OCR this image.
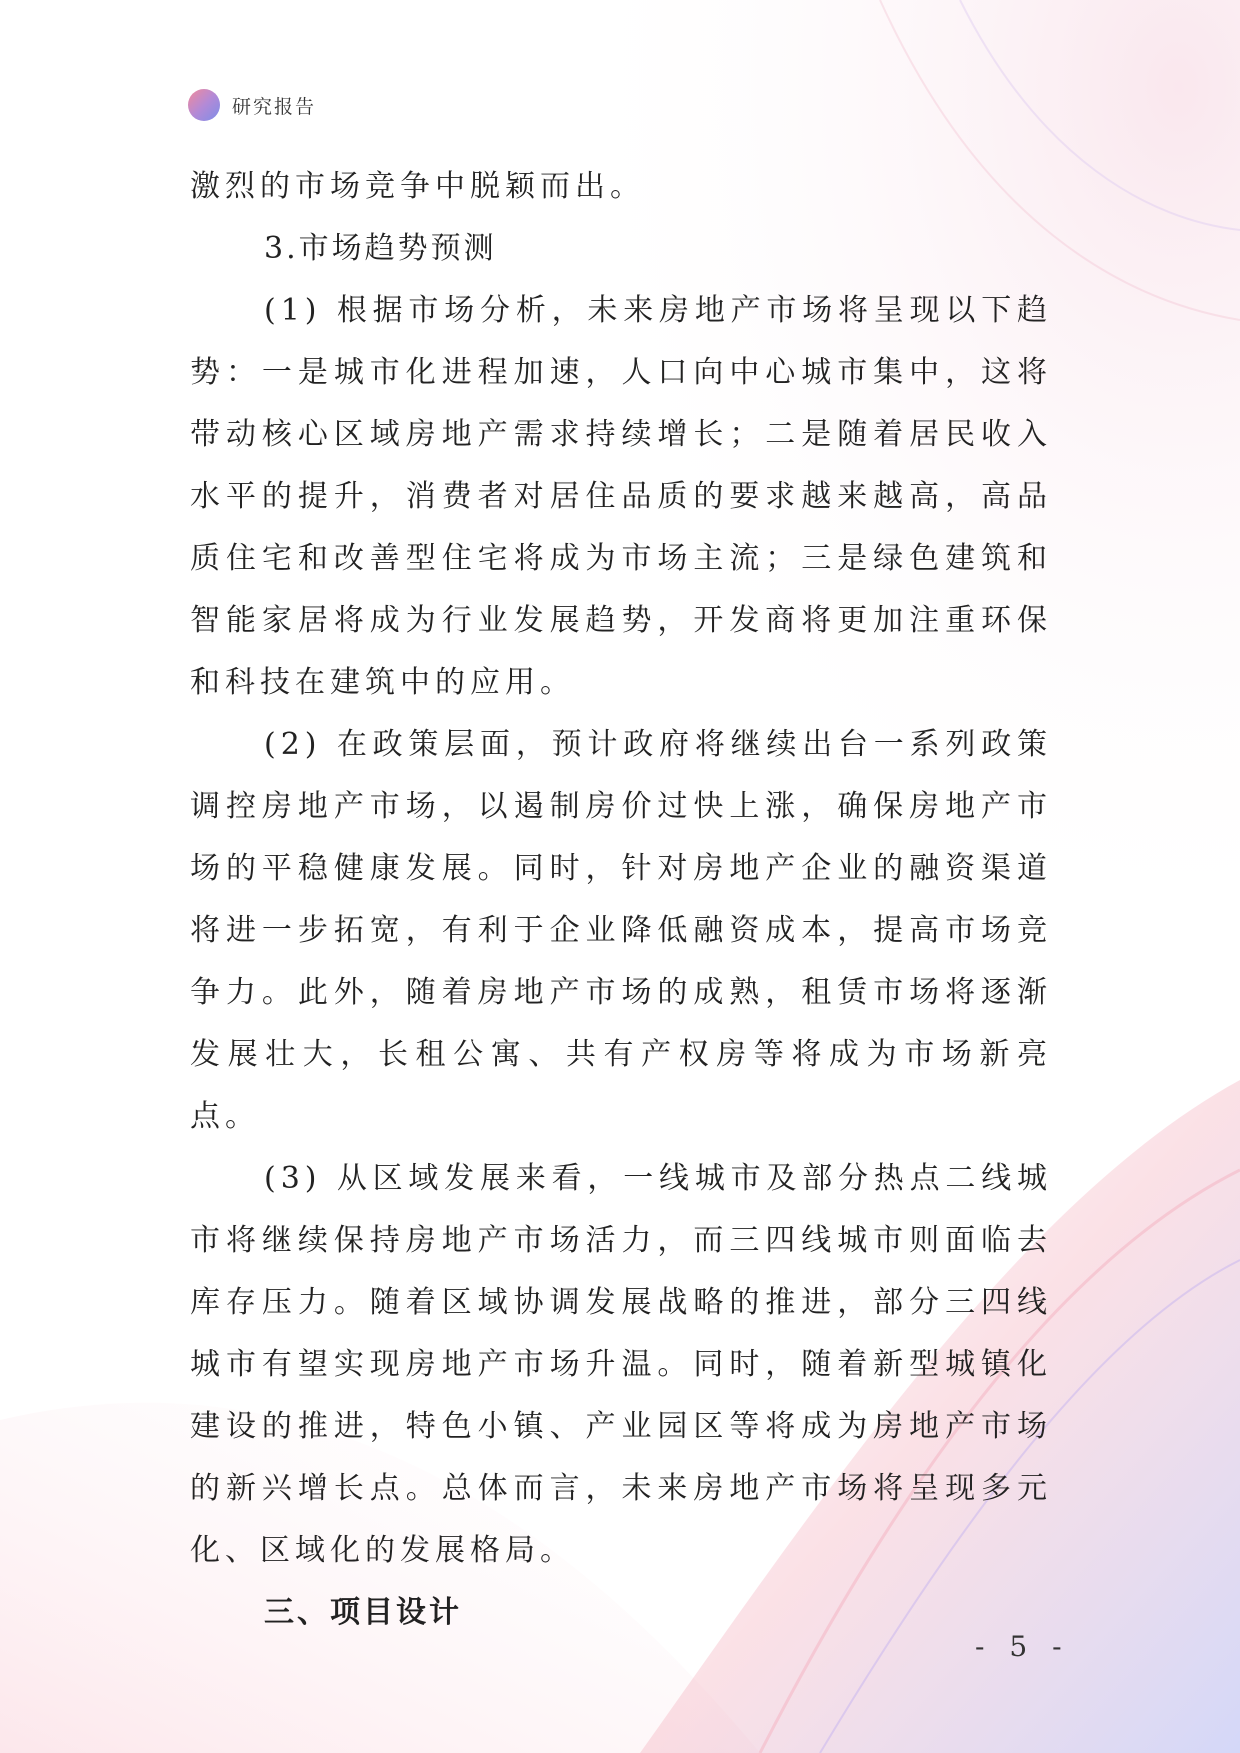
研究报告

激烈的市场竞争中脱颖而出。

3.市场趋势预测

(1) 根据市场分析，未来房地产市场将呈现以下趋势：一是城市化进程加速，人口向中心城市集中，这将带动核心区域房地产需求持续增长；二是随着居民收入水平的提升，消费者对居住品质的要求越来越高，高品质住宅和改善型住宅将成为市场主流；三是绿色建筑和智能家居将成为行业发展趋势，开发商将更加注重环保和科技在建筑中的应用。

(2) 在政策层面，预计政府将继续出台一系列政策调控房地产市场，以遏制房价过快上涨，确保房地产市场的平稳健康发展。同时，针对房地产企业的融资渠道将进一步拓宽，有利于企业降低融资成本，提高市场竞争力。此外，随着房地产市场的成熟，租赁市场将逐渐发展壮大，长租公寓、共有产权房等将成为市场新亮点。

(3) 从区域发展来看，一线城市及部分热点二线城市将继续保持房地产市场活力，而三四线城市则面临去库存压力。随着区域协调发展战略的推进，部分三四线城市有望实现房地产市场升温。同时，随着新型城镇化建设的推进，特色小镇、产业园区等将成为房地产市场的新兴增长点。总体而言，未来房地产市场将呈现多元化、区域化的发展格局。

三、项目设计

- 5 -
